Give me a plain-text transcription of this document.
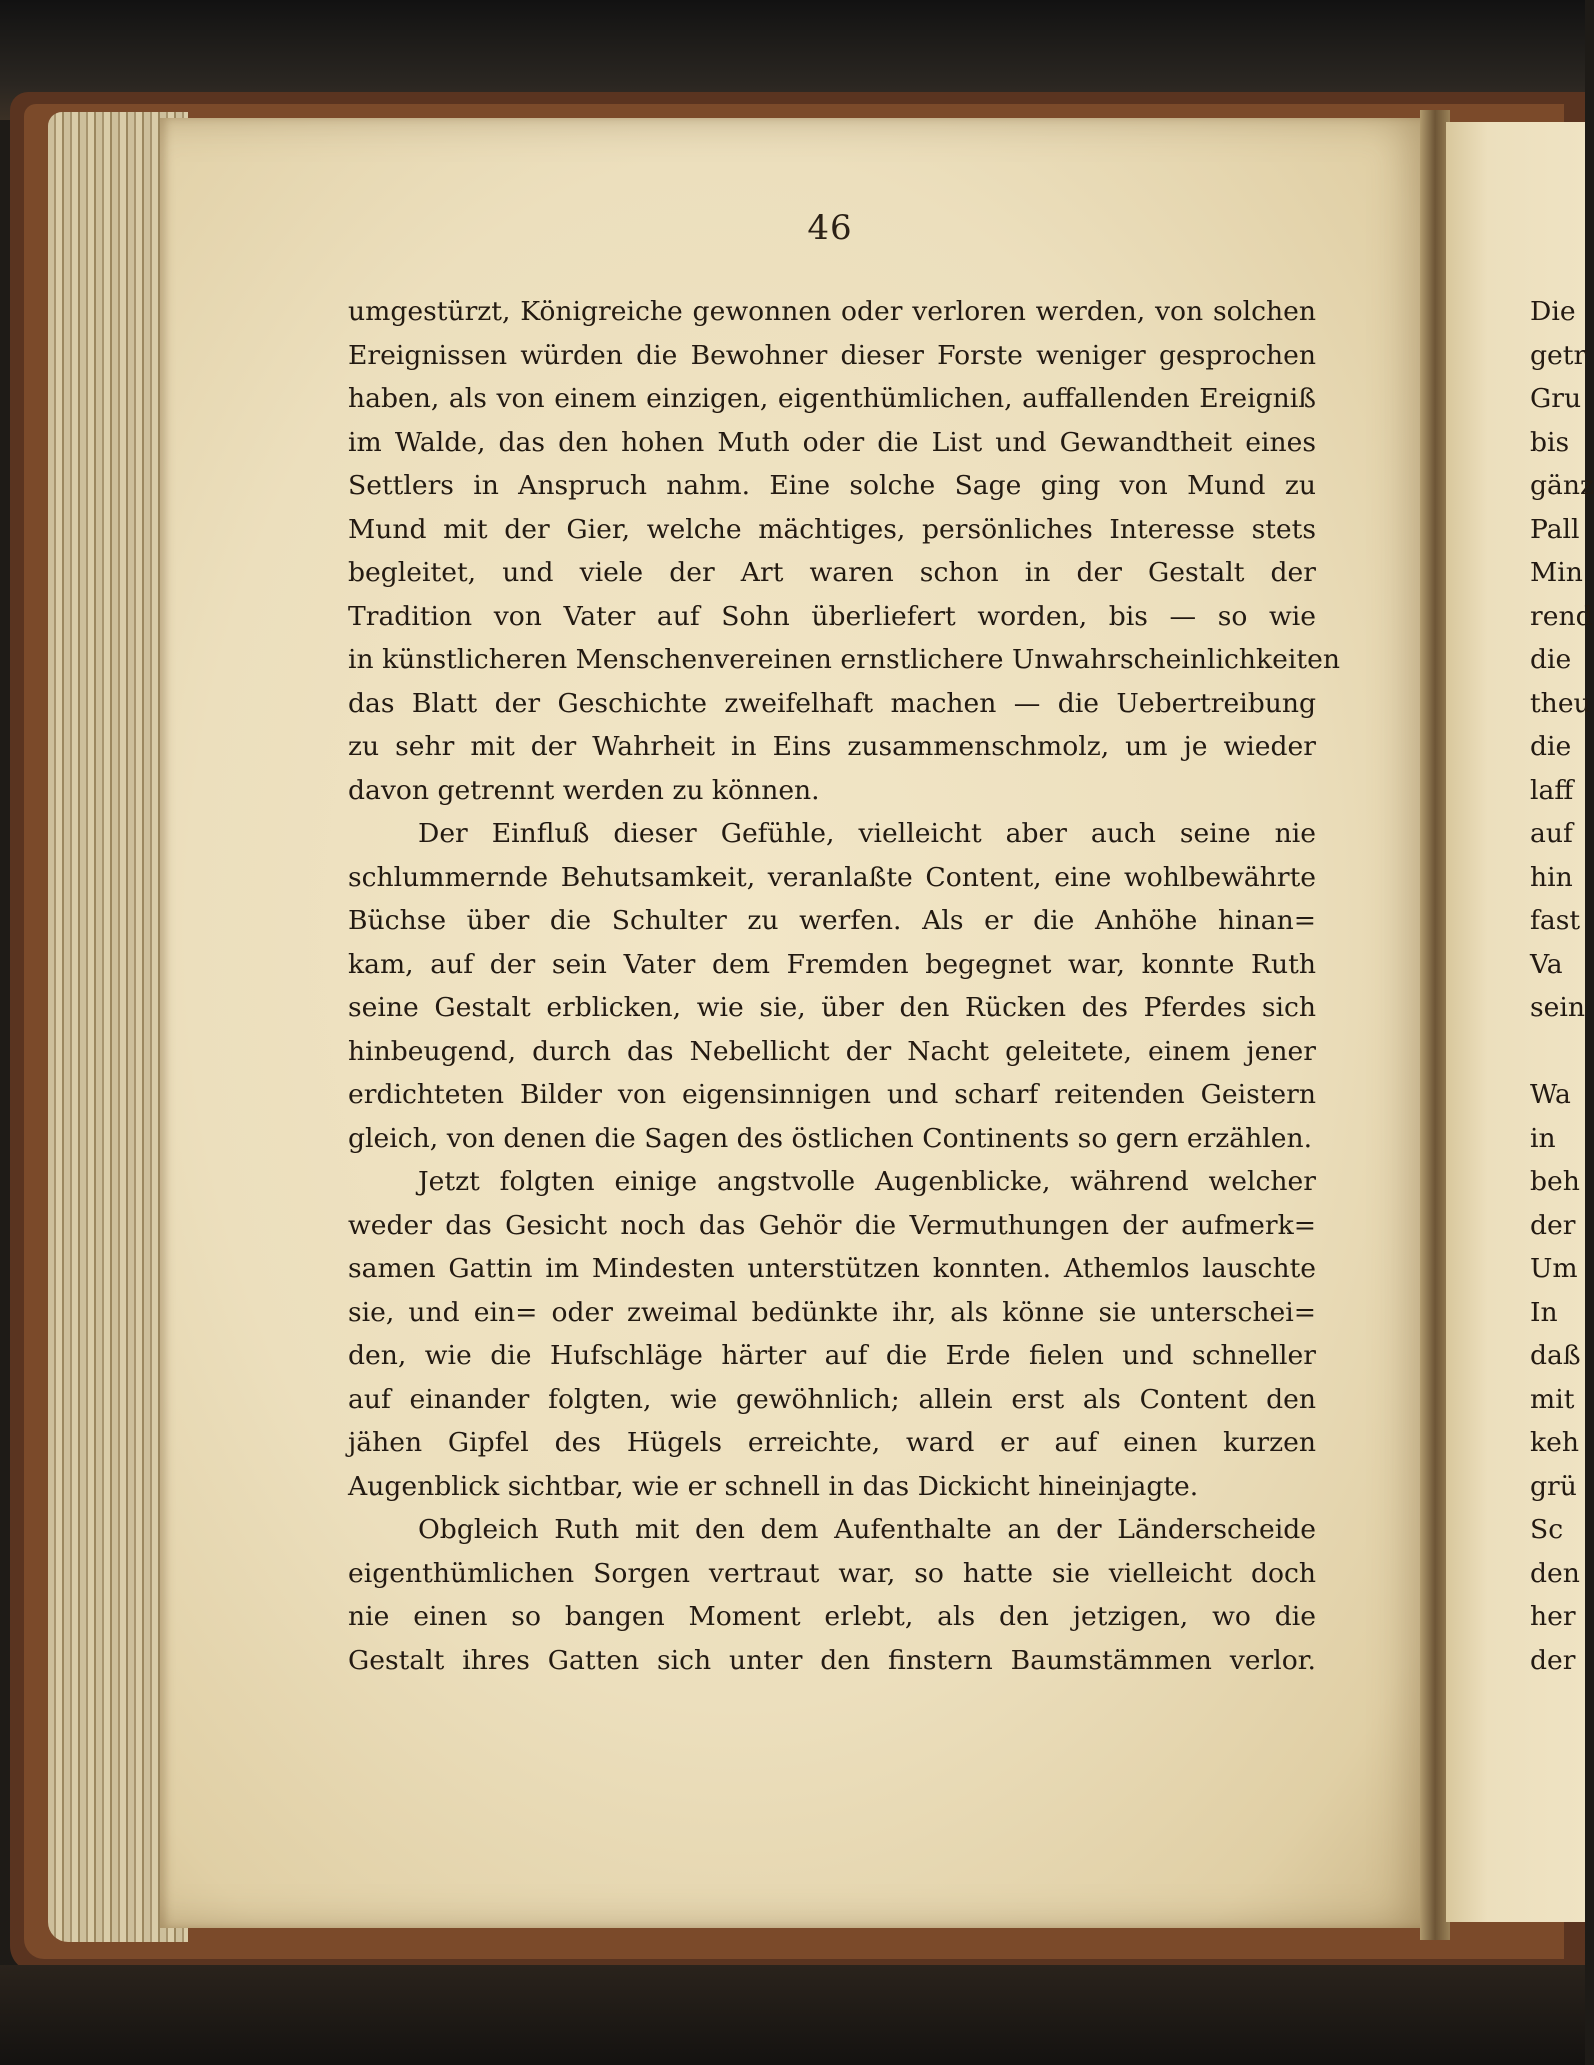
46
umgestürzt, Königreiche gewonnen oder verloren werden, von solchen
Ereignissen würden die Bewohner dieser Forste weniger gesprochen
haben, als von einem einzigen, eigenthümlichen, auffallenden Ereigniß
im Walde, das den hohen Muth oder die List und Gewandtheit eines
Settlers in Anspruch nahm. Eine solche Sage ging von Mund zu
Mund mit der Gier, welche mächtiges, persönliches Interesse stets
begleitet, und viele der Art waren schon in der Gestalt der
Tradition von Vater auf Sohn überliefert worden, bis — so wie
in künstlicheren Menschenvereinen ernstlichere Unwahrscheinlichkeiten
das Blatt der Geschichte zweifelhaft machen — die Uebertreibung
zu sehr mit der Wahrheit in Eins zusammenschmolz, um je wieder
davon getrennt werden zu können.
Der Einfluß dieser Gefühle, vielleicht aber auch seine nie
schlummernde Behutsamkeit, veranlaßte Content, eine wohlbewährte
Büchse über die Schulter zu werfen. Als er die Anhöhe hinan=
kam, auf der sein Vater dem Fremden begegnet war, konnte Ruth
seine Gestalt erblicken, wie sie, über den Rücken des Pferdes sich
hinbeugend, durch das Nebellicht der Nacht geleitete, einem jener
erdichteten Bilder von eigensinnigen und scharf reitenden Geistern
gleich, von denen die Sagen des östlichen Continents so gern erzählen.
Jetzt folgten einige angstvolle Augenblicke, während welcher
weder das Gesicht noch das Gehör die Vermuthungen der aufmerk=
samen Gattin im Mindesten unterstützen konnten. Athemlos lauschte
sie, und ein= oder zweimal bedünkte ihr, als könne sie unterschei=
den, wie die Hufschläge härter auf die Erde fielen und schneller
auf einander folgten, wie gewöhnlich; allein erst als Content den
jähen Gipfel des Hügels erreichte, ward er auf einen kurzen
Augenblick sichtbar, wie er schnell in das Dickicht hineinjagte.
Obgleich Ruth mit den dem Aufenthalte an der Länderscheide
eigenthümlichen Sorgen vertraut war, so hatte sie vielleicht doch
nie einen so bangen Moment erlebt, als den jetzigen, wo die
Gestalt ihres Gatten sich unter den finstern Baumstämmen verlor.
Die
getr
Gru
bis
gänz
Pall
Min
rend
die
theu
die
laff
auf
hin
fast
Va
sein
Wa
in
beh
der
Um
In
daß
mit
keh
grü
Sc
den
her
der
